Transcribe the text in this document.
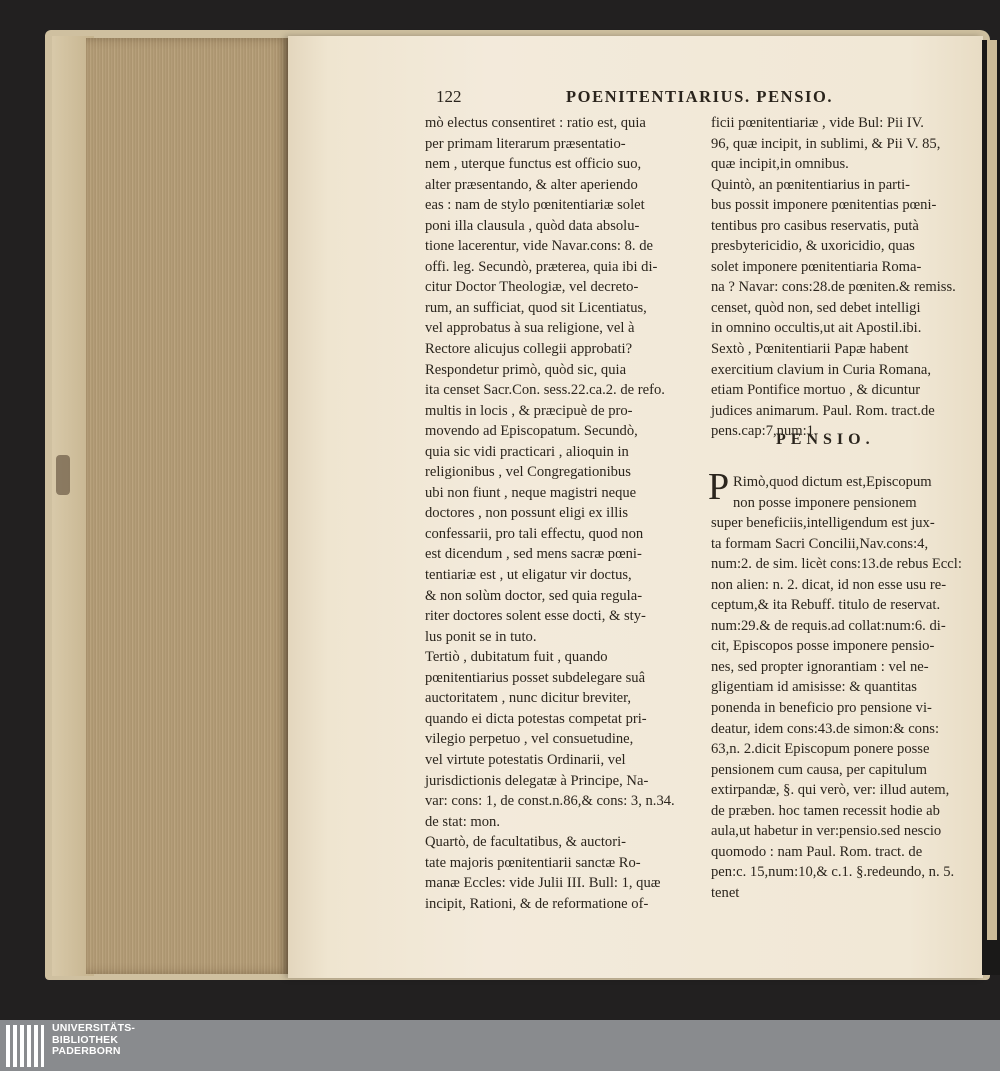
122	POENITENTIARIUS. PENSIO.
mò electus consentiret : ratio est, quia
per primam literarum præsentatio-
nem , uterque functus est officio suo,
alter præsentando, & alter aperiendo
eas : nam de stylo pœnitentiariæ solet
poni illa clausula , quòd data absolu-
tione lacerentur, vide Navar.cons: 8. de
offi. leg. Secundò, præterea, quia ibi di-
citur Doctor Theologiæ, vel decreto-
rum, an sufficiat, quod sit Licentiatus,
vel approbatus à sua religione, vel à
Rectore alicujus collegii approbati?
Respondetur primò, quòd sic, quia
ita censet Sacr.Con. sess.22.ca.2. de refo.
multis in locis , & præcipuè de pro-
movendo ad Episcopatum. Secundò,
quia sic vidi practicari , alioquin in
religionibus , vel Congregationibus
ubi non fiunt , neque magistri neque
doctores , non possunt eligi ex illis
confessarii, pro tali effectu, quod non
est dicendum , sed mens sacræ pœni-
tentiariæ est , ut eligatur vir doctus,
& non solùm doctor, sed quia regula-
riter doctores solent esse docti, & sty-
lus ponit se in tuto.
Tertiò , dubitatum fuit , quando
pœnitentiarius posset subdelegare suâ
auctoritatem , nunc dicitur breviter,
quando ei dicta potestas competat pri-
vilegio perpetuo , vel consuetudine,
vel virtute potestatis Ordinarii, vel
jurisdictionis delegatæ à Principe, Na-
var: cons: 1, de const.n.86,& cons: 3, n.34.
de stat: mon.
Quartò, de facultatibus, & auctori-
tate majoris pœnitentiarii sanctæ Ro-
manæ Eccles: vide Julii III. Bull: 1, quæ
incipit, Rationi, & de reformatione of-
ficii pœnitentiariæ , vide Bul: Pii IV.
96, quæ incipit, in sublimi, & Pii V. 85,
quæ incipit,in omnibus.
Quintò, an pœnitentiarius in parti-
bus possit imponere pœnitentias pœni-
tentibus pro casibus reservatis, putà
presbytericidio, & uxoricidio, quas
solet imponere pœnitentiaria Roma-
na ? Navar: cons:28.de pœniten.& remiss.
censet, quòd non, sed debet intelligi
in omnino occultis,ut ait Apostil.ibi.
Sextò , Pœnitentiarii Papæ habent
exercitium clavium in Curia Romana,
etiam Pontifice mortuo , & dicuntur
judices animarum. Paul. Rom. tract.de
pens.cap:7,num:1.
PENSIO.
P Rimò,quod dictum est,Episcopum
non posse imponere pensionem
super beneficiis,intelligendum est jux-
ta formam Sacri Concilii,Nav.cons:4,
num:2. de sim. licèt cons:13.de rebus Eccl:
non alien: n. 2. dicat, id non esse usu re-
ceptum,& ita Rebuff. titulo de reservat.
num:29.& de requis.ad collat:num:6. di-
cit, Episcopos posse imponere pensio-
nes, sed propter ignorantiam : vel ne-
gligentiam id amisisse: & quantitas
ponenda in beneficio pro pensione vi-
deatur, idem cons:43.de simon:& cons:
63,n. 2.dicit Episcopum ponere posse
pensionem cum causa, per capitulum
extirpandæ, §. qui verò, ver: illud autem,
de præben. hoc tamen recessit hodie ab
aula,ut habetur in ver:pensio.sed nescio
quomodo : nam Paul. Rom. tract. de
pen:c. 15,num:10,& c.1. §.redeundo, n. 5.
tenet
UNIVERSITÄTS-
BIBLIOTHEK
PADERBORN
